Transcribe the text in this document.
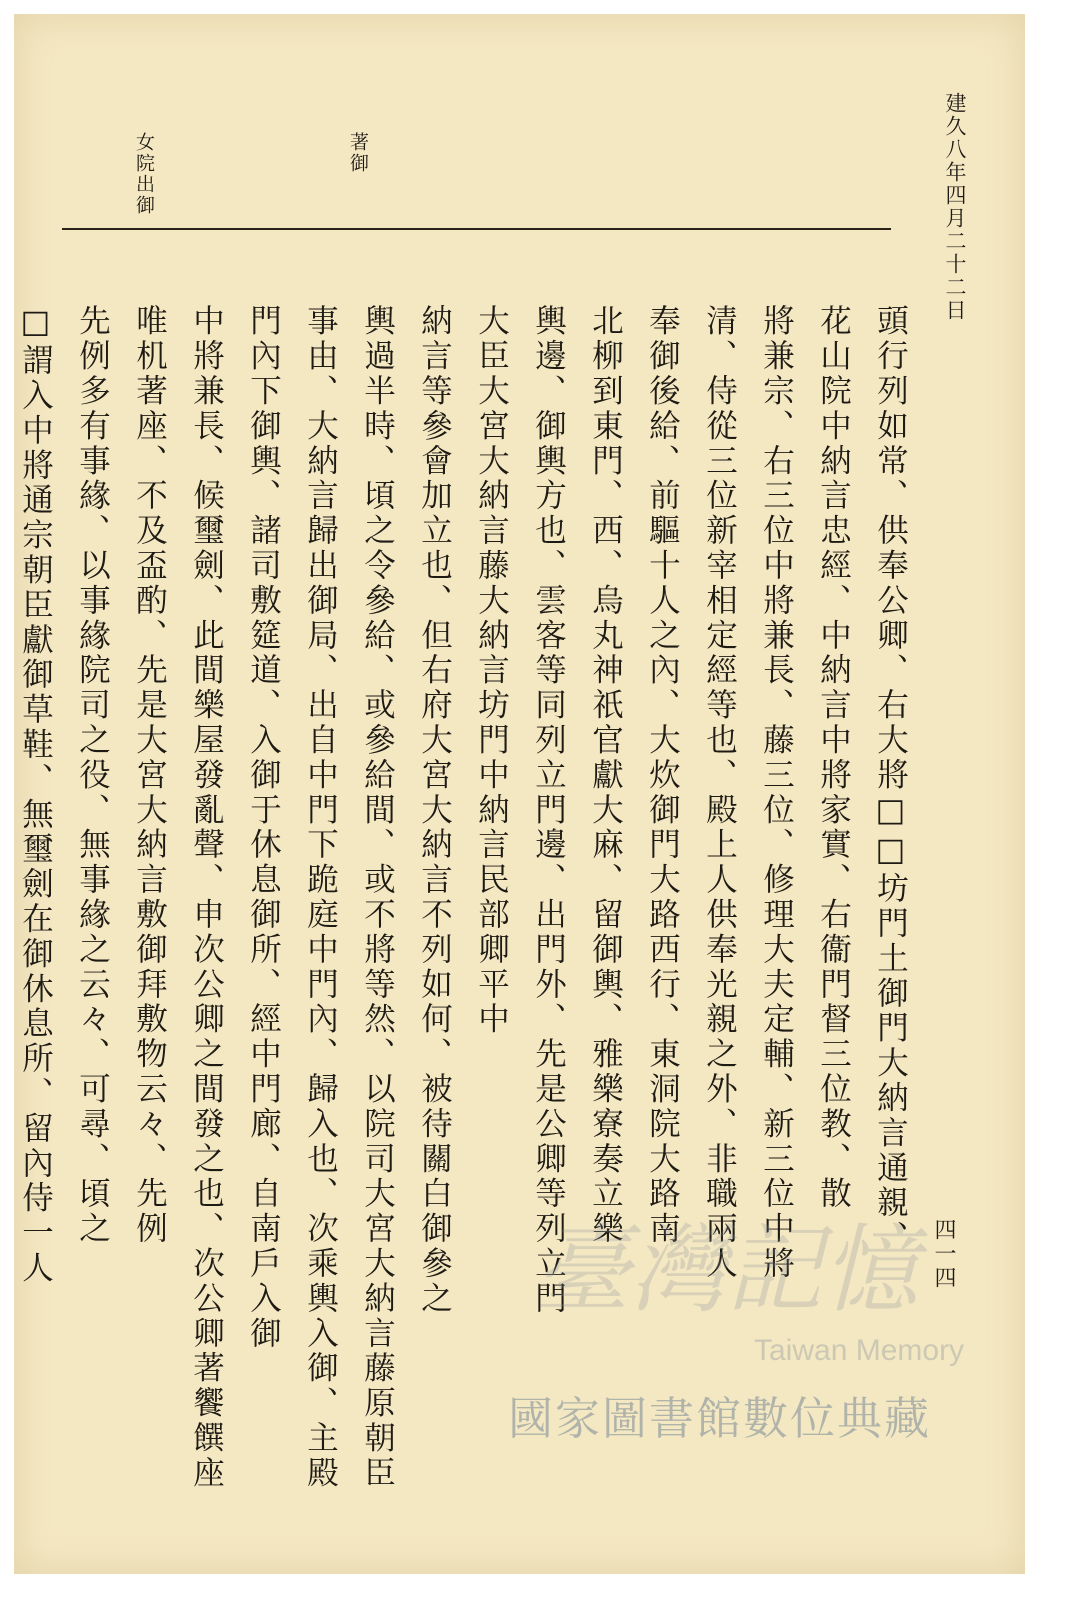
建久八年四月二十二日
四一四
女院出御	著御
頭行列如常、供奉公卿、右大將□□坊門土御門大納言通親、
花山院中納言忠經、中納言中將家實、右衞門督三位教、散
將兼宗、右三位中將兼長、藤三位、修理大夫定輔、新三位中將
清、侍從三位新宰相定經等也、殿上人供奉光親之外、非職兩人
奉御後給、前驅十人之內、大炊御門大路西行、東洞院大路南
北柳到東門、西、烏丸神祇官獻大麻、留御輿、雅樂寮奏立樂
輿邊、御輿方也、雲客等同列立門邊、出門外、先是公卿等列立門
大臣大宮大納言藤大納言坊門中納言民部卿平中
納言等參會加立也、但右府大宮大納言不列如何、被待關白御參之
輿過半時、頃之令參給、或參給間、或不將等然、以院司大宮大納言藤原朝臣
事由、大納言歸出御局、出自中門下跪庭中門內、歸入也、次乘輿入御、主殿
門內下御輿、諸司敷筵道、入御于休息御所、經中門廊、自南戶入御
中將兼長、候璽劍、此間樂屋發亂聲、申次公卿之間發之也、次公卿著饗饌座
唯机著座、不及盃酌、先是大宮大納言敷御拜敷物云々、先例
先例多有事緣、以事緣院司之役、無事緣之云々、可尋、頃之
□謂入中將通宗朝臣獻御草鞋、無璽劍在御休息所、留內侍一人	臺灣記憶
Taiwan Memory
國家圖書館數位典藏
